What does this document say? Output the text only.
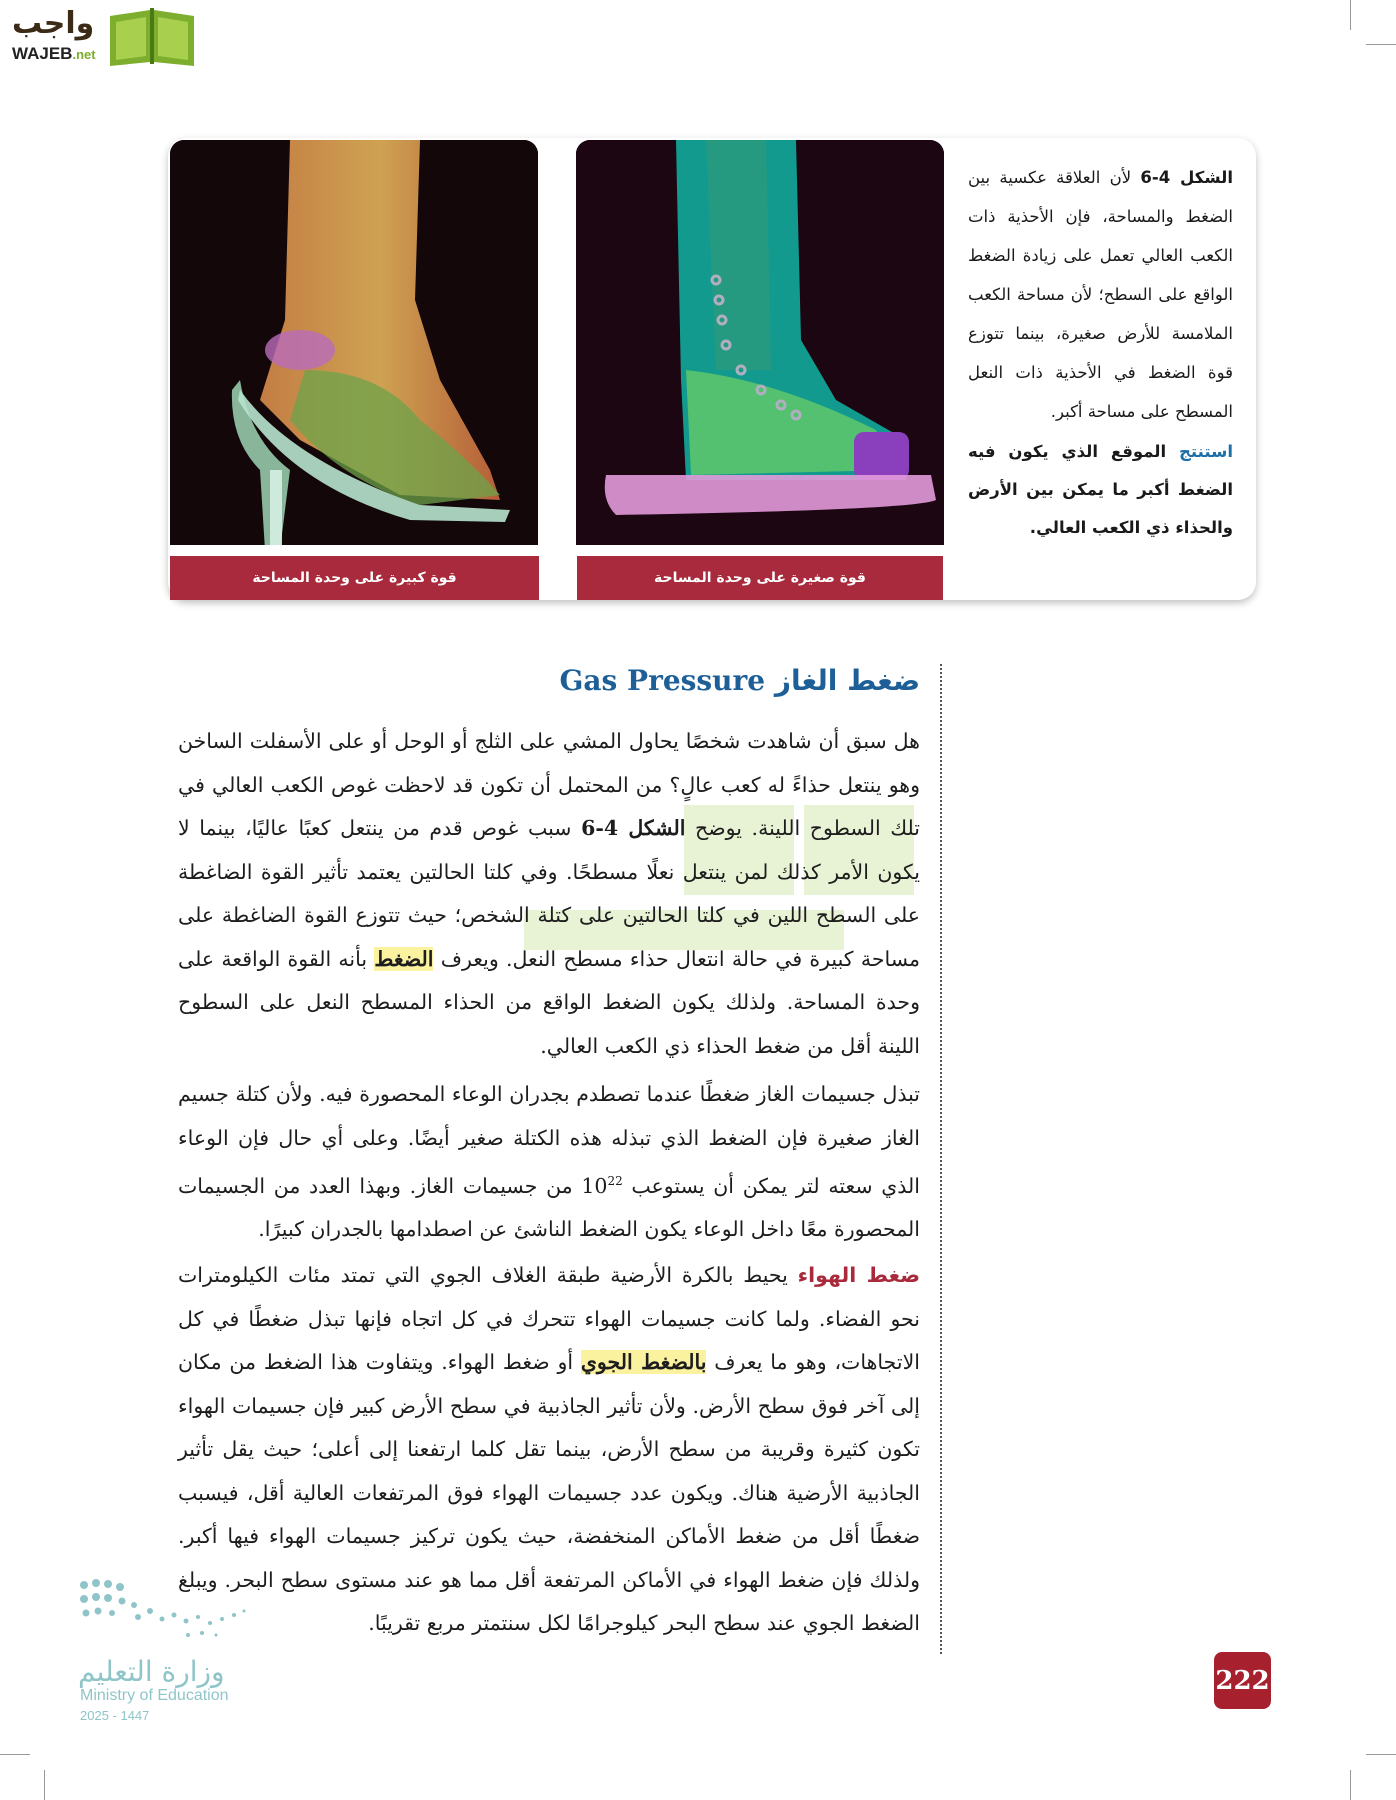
واجب
WAJEB.net
قوة كبيرة على وحدة المساحة	قوة صغيرة على وحدة المساحة
الشكل 4-6 لأن العلاقة عكسية بين الضغط والمساحة، فإن الأحذية ذات الكعب العالي تعمل على زيادة الضغط الواقع على السطح؛ لأن مساحة الكعب الملامسة للأرض صغيرة، بينما تتوزع قوة الضغط في الأحذية ذات النعل المسطح على مساحة أكبر.
استنتج الموقع الذي يكون فيه الضغط أكبر ما يمكن بين الأرض والحذاء ذي الكعب العالي.
ضغط الغاز Gas Pressure
هل سبق أن شاهدت شخصًا يحاول المشي على الثلج أو الوحل أو على الأسفلت الساخن وهو ينتعل حذاءً له كعب عالٍ؟ من المحتمل أن تكون قد لاحظت غوص الكعب العالي في تلك السطوح اللينة. يوضح الشكل 4-6 سبب غوص قدم من ينتعل كعبًا عاليًا، بينما لا يكون الأمر كذلك لمن ينتعل نعلًا مسطحًا. وفي كلتا الحالتين يعتمد تأثير القوة الضاغطة على السطح اللين في كلتا الحالتين على كتلة الشخص؛ حيث تتوزع القوة الضاغطة على مساحة كبيرة في حالة انتعال حذاء مسطح النعل. ويعرف الضغط بأنه القوة الواقعة على وحدة المساحة. ولذلك يكون الضغط الواقع من الحذاء المسطح النعل على السطوح اللينة أقل من ضغط الحذاء ذي الكعب العالي.
تبذل جسيمات الغاز ضغطًا عندما تصطدم بجدران الوعاء المحصورة فيه. ولأن كتلة جسيم الغاز صغيرة فإن الضغط الذي تبذله هذه الكتلة صغير أيضًا. وعلى أي حال فإن الوعاء الذي سعته لتر يمكن أن يستوعب $10^{22}$ من جسيمات الغاز. وبهذا العدد من الجسيمات المحصورة معًا داخل الوعاء يكون الضغط الناشئ عن اصطدامها بالجدران كبيرًا.
ضغط الهواء يحيط بالكرة الأرضية طبقة الغلاف الجوي التي تمتد مئات الكيلومترات نحو الفضاء. ولما كانت جسيمات الهواء تتحرك في كل اتجاه فإنها تبذل ضغطًا في كل الاتجاهات، وهو ما يعرف بالضغط الجوي أو ضغط الهواء. ويتفاوت هذا الضغط من مكان إلى آخر فوق سطح الأرض. ولأن تأثير الجاذبية في سطح الأرض كبير فإن جسيمات الهواء تكون كثيرة وقريبة من سطح الأرض، بينما تقل كلما ارتفعنا إلى أعلى؛ حيث يقل تأثير الجاذبية الأرضية هناك. ويكون عدد جسيمات الهواء فوق المرتفعات العالية أقل، فيسبب ضغطًا أقل من ضغط الأماكن المنخفضة، حيث يكون تركيز جسيمات الهواء فيها أكبر. ولذلك فإن ضغط الهواء في الأماكن المرتفعة أقل مما هو عند مستوى سطح البحر. ويبلغ الضغط الجوي عند سطح البحر كيلوجرامًا لكل سنتمتر مربع تقريبًا.
وزارة التعليم
Ministry of Education
2025 - 1447
222
